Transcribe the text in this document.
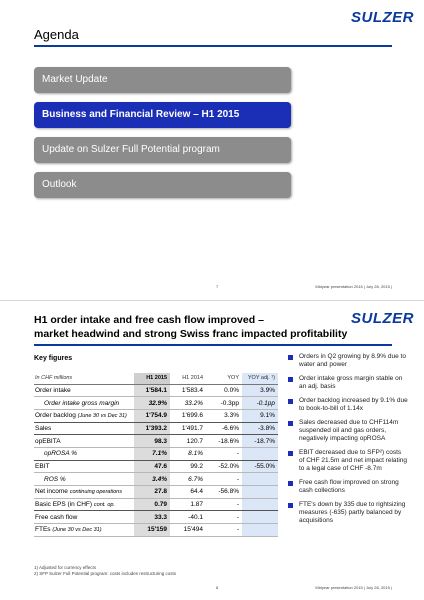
SULZER
Agenda
Market Update
Business and Financial Review – H1 2015
Update on Sulzer Full Potential program
Outlook
7	Midyear presentation 2015 | July 28, 2015 |
SULZER
H1 order intake and free cash flow improved –
market headwind and strong Swiss franc impacted profitability
Key figures
In CHF millions	H1 2015	H1 2014	YOY	YOY adj. ¹)
Order intake	1'584.1	1'583.4	0.0%	3.9%
Order intake gross margin	32.9%	33.2%	-0.3pp	-0.1pp
Order backlog (June 30 vs Dec 31)	1'754.9	1'699.6	3.3%	9.1%
Sales	1'393.2	1'491.7	-6.6%	-3.8%
opEBITA	98.3	120.7	-18.6%	-18.7%
opROSA %	7.1%	8.1%	-	
EBIT	47.6	99.2	-52.0%	-55.0%
ROS %	3.4%	6.7%	-	
Net income continuing operations	27.8	64.4	-56.8%	
Basic EPS (in CHF) cont. op.	0.79	1.87	-	
Free cash flow	33.3	-40.1	-	
FTEs (June 30 vs Dec 31)	15'159	15'494	-	
Orders in Q2 growing by 8.9% due to water and power
Order intake gross margin stable on an adj. basis
Order backlog increased by 9.1% due to book-to-bill of 1.14x
Sales decreased due to CHF114m suspended oil and gas orders, negatively impacting opROSA
EBIT decreased due to SFP²) costs of CHF 21.5m and net impact relating to a legal case of CHF -8.7m
Free cash flow improved on strong cash collections
FTE's down by 335 due to rightsizing measures (-635) partly balanced by acquisitions
1) Adjusted for currency effects
2) SFP Sulzer Full Potential program: costs includes restructuring costs
8	Midyear presentation 2015 | July 28, 2015 |
